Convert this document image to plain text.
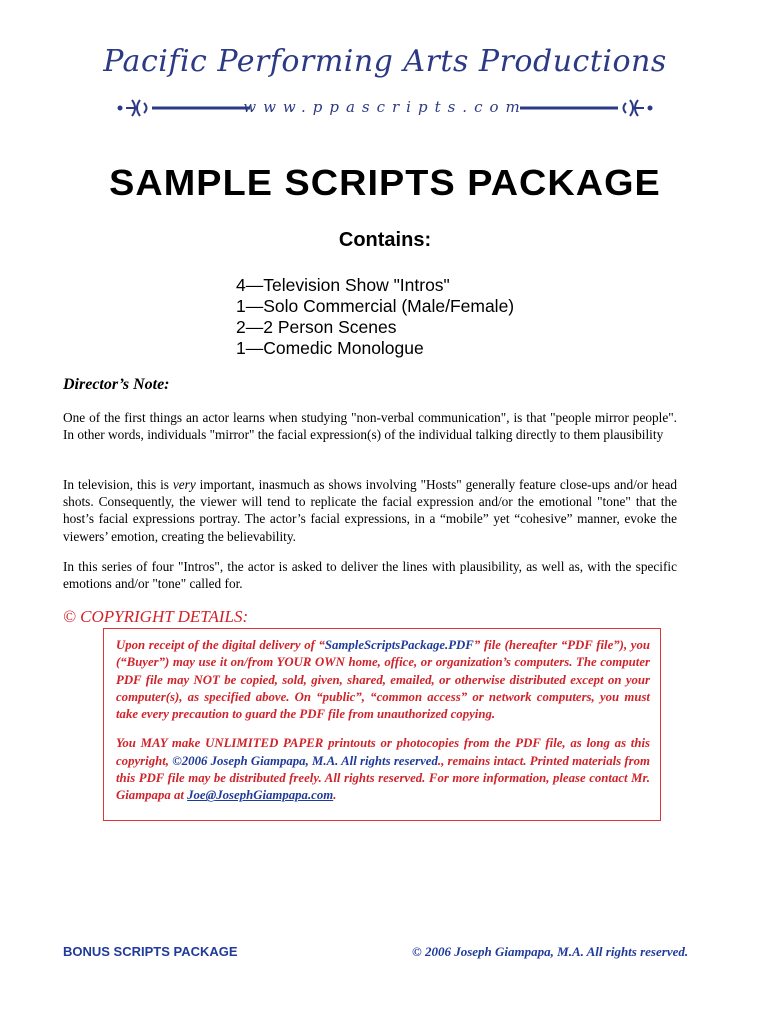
Pacific Performing Arts Productions
www.ppascripts.com
SAMPLE SCRIPTS PACKAGE
Contains:
4—Television Show "Intros"
1—Solo Commercial (Male/Female)
2—2 Person Scenes
1—Comedic Monologue
Director’s Note:
One of the first things an actor learns when studying "non-verbal communication", is that "people mirror people". In other words, individuals "mirror" the facial expression(s) of the individual talking directly to them plausibility
In television, this is very important, inasmuch as shows involving "Hosts" generally feature close-ups and/or head shots. Consequently, the viewer will tend to replicate the facial expression and/or the emotional "tone" that the host’s facial expressions portray. The actor’s facial expressions, in a “mobile” yet “cohesive” manner, evoke the viewers’ emotion, creating the believability.
In this series of four "Intros", the actor is asked to deliver the lines with plausibility, as well as, with the specific emotions and/or "tone" called for.
© COPYRIGHT DETAILS:

Upon receipt of the digital delivery of “SampleScriptsPackage.PDF” file (hereafter “PDF file”), you (“Buyer”) may use it on/from YOUR OWN home, office, or organization’s computers. The computer PDF file may NOT be copied, sold, given, shared, emailed, or otherwise distributed except on your computer(s), as specified above. On “public”, “common access” or network computers, you must take every precaution to guard the PDF file from unauthorized copying.

You MAY make UNLIMITED PAPER printouts or photocopies from the PDF file, as long as this copyright, ©2006 Joseph Giampapa, M.A. All rights reserved., remains intact. Printed materials from this PDF file may be distributed freely. All rights reserved. For more information, please contact Mr. Giampapa at Joe@JosephGiampapa.com.

BONUS SCRIPTS PACKAGE	© 2006 Joseph Giampapa, M.A. All rights reserved.
